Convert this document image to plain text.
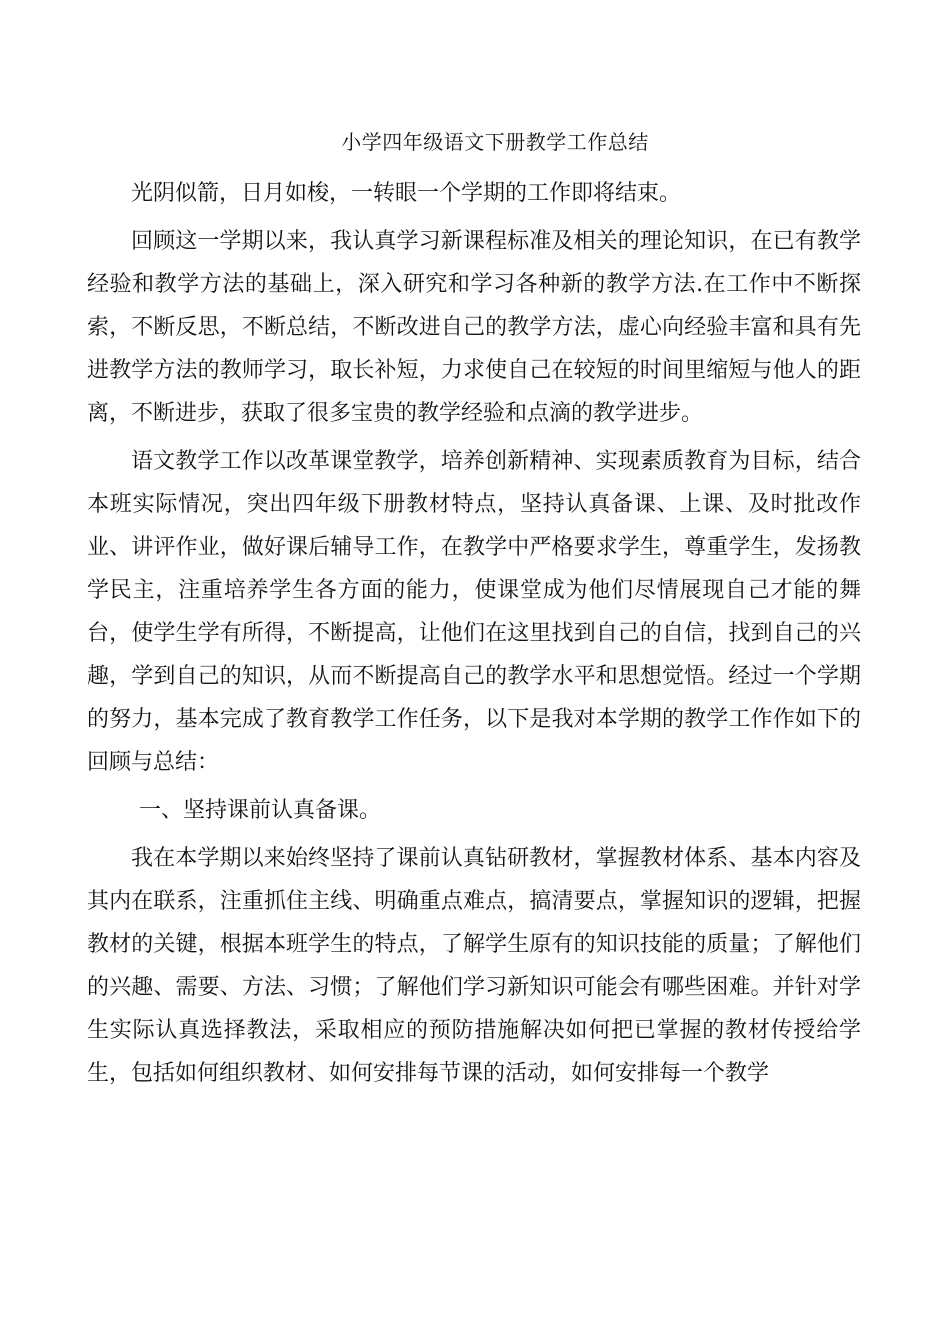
小学四年级语文下册教学工作总结

光阴似箭，日月如梭，一转眼一个学期的工作即将结束。

回顾这一学期以来，我认真学习新课程标准及相关的理论知识，在已有教学经验和教学方法的基础上，深入研究和学习各种新的教学方法.在工作中不断探索，不断反思，不断总结，不断改进自己的教学方法，虚心向经验丰富和具有先进教学方法的教师学习，取长补短，力求使自己在较短的时间里缩短与他人的距离，不断进步，获取了很多宝贵的教学经验和点滴的教学进步。

语文教学工作以改革课堂教学，培养创新精神、实现素质教育为目标，结合本班实际情况，突出四年级下册教材特点，坚持认真备课、上课、及时批改作业、讲评作业，做好课后辅导工作，在教学中严格要求学生，尊重学生，发扬教学民主，注重培养学生各方面的能力，使课堂成为他们尽情展现自己才能的舞台，使学生学有所得，不断提高，让他们在这里找到自己的自信，找到自己的兴趣，学到自己的知识，从而不断提高自己的教学水平和思想觉悟。经过一个学期的努力，基本完成了教育教学工作任务，以下是我对本学期的教学工作作如下的回顾与总结：

一、坚持课前认真备课。

我在本学期以来始终坚持了课前认真钻研教材，掌握教材体系、基本内容及其内在联系，注重抓住主线、明确重点难点，搞清要点，掌握知识的逻辑，把握教材的关键，根据本班学生的特点，了解学生原有的知识技能的质量；了解他们的兴趣、需要、方法、习惯；了解他们学习新知识可能会有哪些困难。并针对学生实际认真选择教法，采取相应的预防措施解决如何把已掌握的教材传授给学生，包括如何组织教材、如何安排每节课的活动，如何安排每一个教学
